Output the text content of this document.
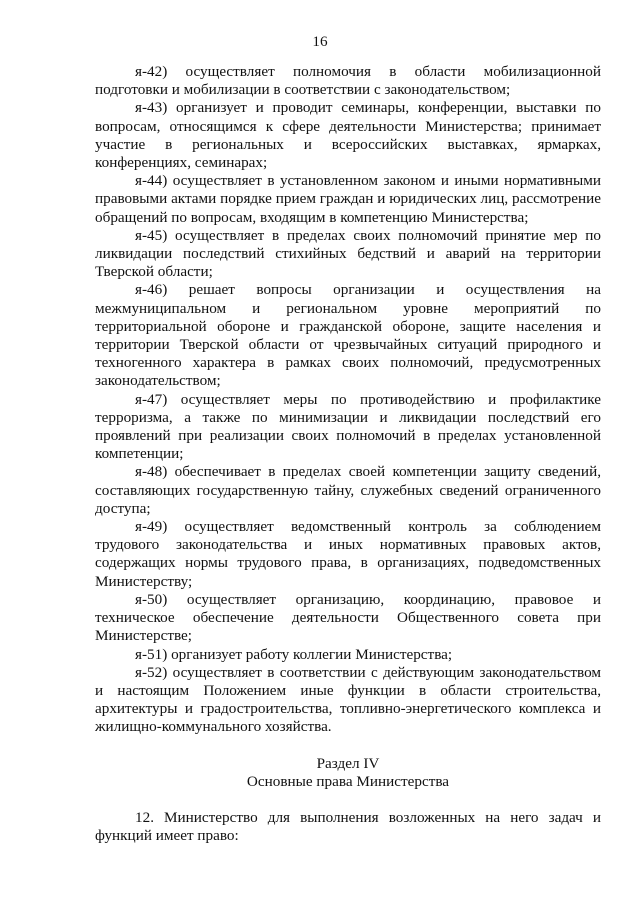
16

я-42) осуществляет полномочия в области мобилизационной подготовки и мобилизации в соответствии с законодательством;

я-43) организует и проводит семинары, конференции, выставки по вопросам, относящимся к сфере деятельности Министерства; принимает участие в региональных и всероссийских выставках, ярмарках, конференциях, семинарах;

я-44) осуществляет в установленном законом и иными нормативными правовыми актами порядке прием граждан и юридических лиц, рассмотрение обращений по вопросам, входящим в компетенцию Министерства;

я-45) осуществляет в пределах своих полномочий принятие мер по ликвидации последствий стихийных бедствий и аварий на территории Тверской области;

я-46) решает вопросы организации и осуществления на межмуниципальном и региональном уровне мероприятий по территориальной обороне и гражданской обороне, защите населения и территории Тверской области от чрезвычайных ситуаций природного и техногенного характера в рамках своих полномочий, предусмотренных законодательством;

я-47) осуществляет меры по противодействию и профилактике терроризма, а также по минимизации и ликвидации последствий его проявлений при реализации своих полномочий в пределах установленной компетенции;

я-48) обеспечивает в пределах своей компетенции защиту сведений, составляющих государственную тайну, служебных сведений ограниченного доступа;

я-49) осуществляет ведомственный контроль за соблюдением трудового законодательства и иных нормативных правовых актов, содержащих нормы трудового права, в организациях, подведомственных Министерству;

я-50) осуществляет организацию, координацию, правовое и техническое обеспечение деятельности Общественного совета при Министерстве;

я-51) организует работу коллегии Министерства;

я-52) осуществляет в соответствии с действующим законодательством и настоящим Положением иные функции в области строительства, архитектуры и градостроительства, топливно-энергетического комплекса и жилищно-коммунального хозяйства.

Раздел IV
Основные права Министерства

12. Министерство для выполнения возложенных на него задач и функций имеет право:
